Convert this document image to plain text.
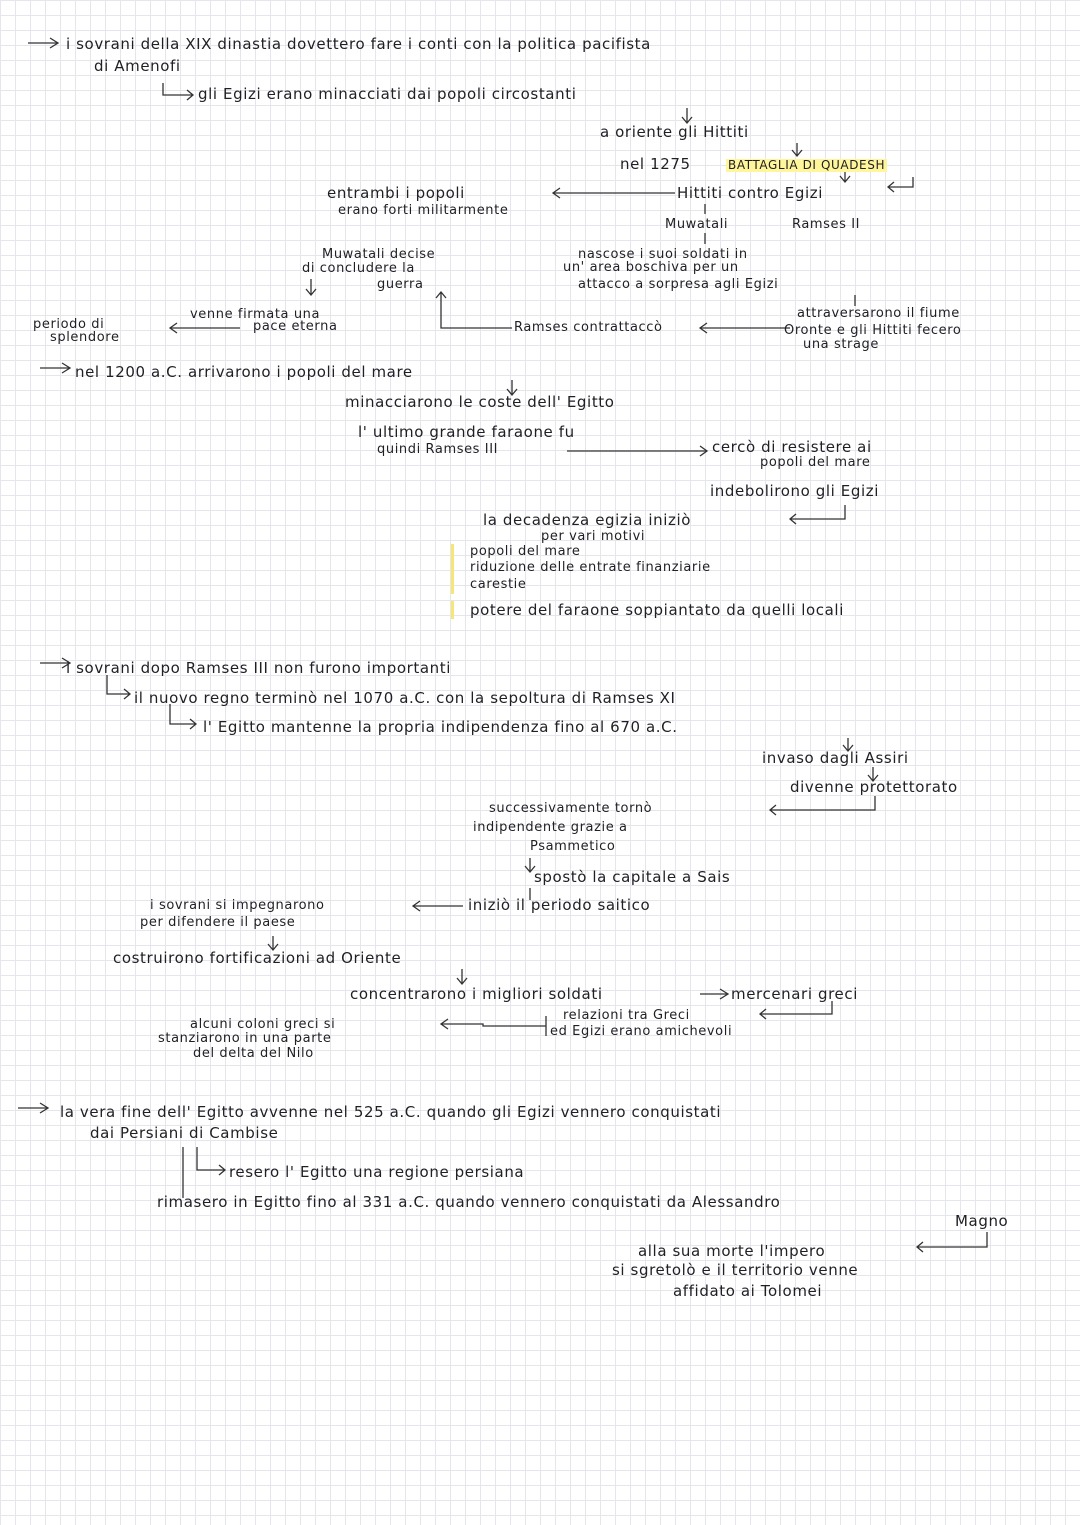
i sovrani della XIX dinastia dovettero fare i conti con la politica pacifista
di Amenofi
gli Egizi erano minacciati dai popoli circostanti
a oriente gli Hittiti
nel 1275	BATTAGLIA DI QUADESH
entrambi i popoli
erano forti militarmente
Hittiti contro Egizi
Muwatali	Ramses II
Muwatali decise
di concludere la
guerra
nascose i suoi soldati in
un' area boschiva per un
attacco a sorpresa agli Egizi
venne firmata una
pace eterna
periodo di
splendore
Ramses contrattaccò
attraversarono il fiume
Oronte e gli Hittiti fecero
una strage
nel 1200 a.C. arrivarono i popoli del mare
minacciarono le coste dell' Egitto
l' ultimo grande faraone fu
quindi Ramses III	cercò di resistere ai
popoli del mare
indebolirono gli Egizi
la decadenza egizia iniziò
per vari motivi
popoli del mare
riduzione delle entrate finanziarie
carestie
potere del faraone soppiantato da quelli locali
i sovrani dopo Ramses III non furono importanti
il nuovo regno terminò nel 1070 a.C. con la sepoltura di Ramses XI
l' Egitto mantenne la propria indipendenza fino al 670 a.C.
invaso dagli Assiri
divenne protettorato
successivamente tornò
indipendente grazie a
Psammetico
spostò la capitale a Sais
i sovrani si impegnarono
per difendere il paese
iniziò il periodo saitico
costruirono fortificazioni ad Oriente
concentrarono i migliori soldati	mercenari greci
relazioni tra Greci
ed Egizi erano amichevoli
alcuni coloni greci si
stanziarono in una parte
del delta del Nilo
la vera fine dell' Egitto avvenne nel 525 a.C. quando gli Egizi vennero conquistati
dai Persiani di Cambise
resero l' Egitto una regione persiana
rimasero in Egitto fino al 331 a.C. quando vennero conquistati da Alessandro
Magno
alla sua morte l'impero
si sgretolò e il territorio venne
affidato ai Tolomei
